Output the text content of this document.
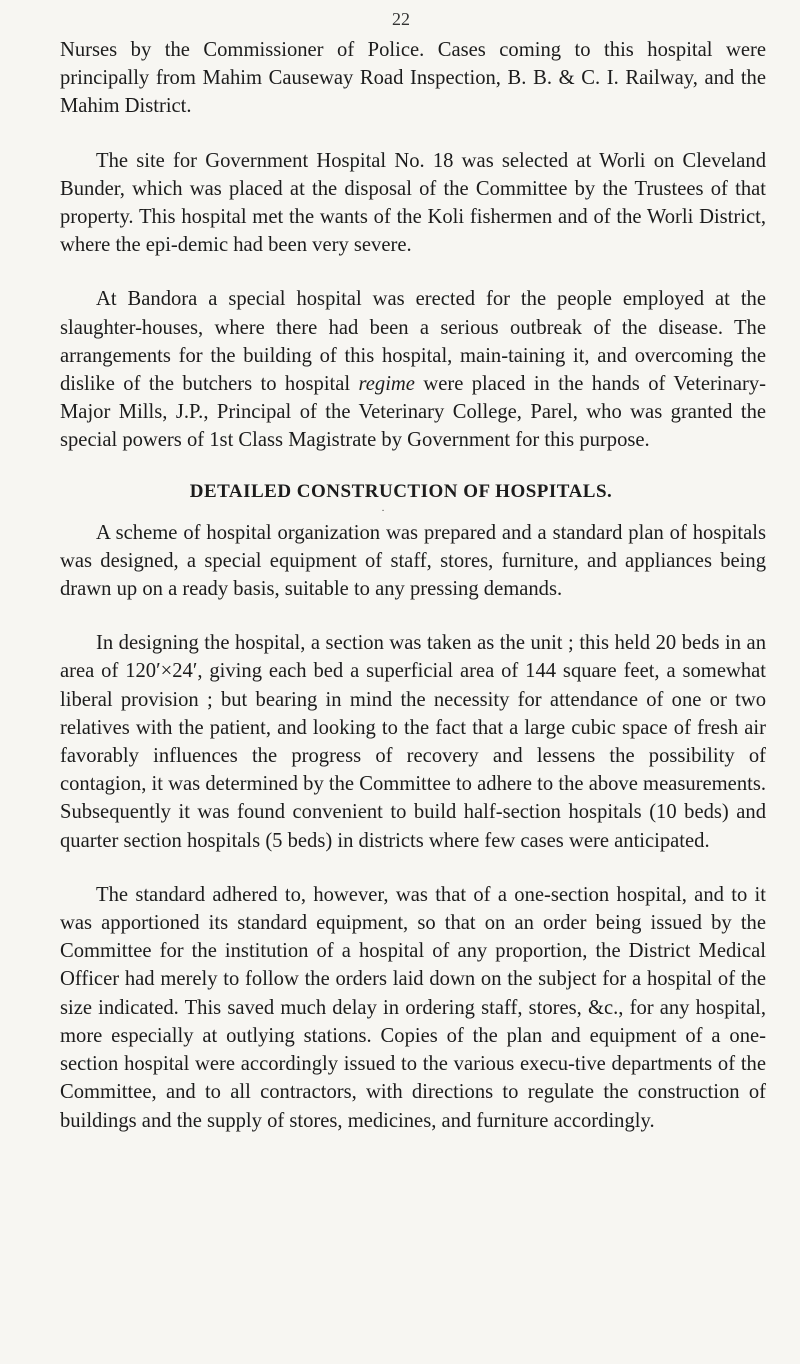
22

Nurses by the Commissioner of Police. Cases coming to this hospital were principally from Mahim Causeway Road Inspection, B. B. & C. I. Railway, and the Mahim District.

The site for Government Hospital No. 18 was selected at Worli on Cleveland Bunder, which was placed at the disposal of the Committee by the Trustees of that property. This hospital met the wants of the Koli fishermen and of the Worli District, where the epi-demic had been very severe.

At Bandora a special hospital was erected for the people employed at the slaughter-houses, where there had been a serious outbreak of the disease. The arrangements for the building of this hospital, main-taining it, and overcoming the dislike of the butchers to hospital regime were placed in the hands of Veterinary-Major Mills, J.P., Principal of the Veterinary College, Parel, who was granted the special powers of 1st Class Magistrate by Government for this purpose.

DETAILED CONSTRUCTION OF HOSPITALS.
·

A scheme of hospital organization was prepared and a standard plan of hospitals was designed, a special equipment of staff, stores, furniture, and appliances being drawn up on a ready basis, suitable to any pressing demands.

In designing the hospital, a section was taken as the unit ; this held 20 beds in an area of 120′×24′, giving each bed a superficial area of 144 square feet, a somewhat liberal provision ; but bearing in mind the necessity for attendance of one or two relatives with the patient, and looking to the fact that a large cubic space of fresh air favorably influences the progress of recovery and lessens the possibility of contagion, it was determined by the Committee to adhere to the above measurements. Subsequently it was found convenient to build half-section hospitals (10 beds) and quarter section hospitals (5 beds) in districts where few cases were anticipated.

The standard adhered to, however, was that of a one-section hospital, and to it was apportioned its standard equipment, so that on an order being issued by the Committee for the institution of a hospital of any proportion, the District Medical Officer had merely to follow the orders laid down on the subject for a hospital of the size indicated. This saved much delay in ordering staff, stores, &c., for any hospital, more especially at outlying stations. Copies of the plan and equipment of a one-section hospital were accordingly issued to the various execu-tive departments of the Committee, and to all contractors, with directions to regulate the construction of buildings and the supply of stores, medicines, and furniture accordingly.
